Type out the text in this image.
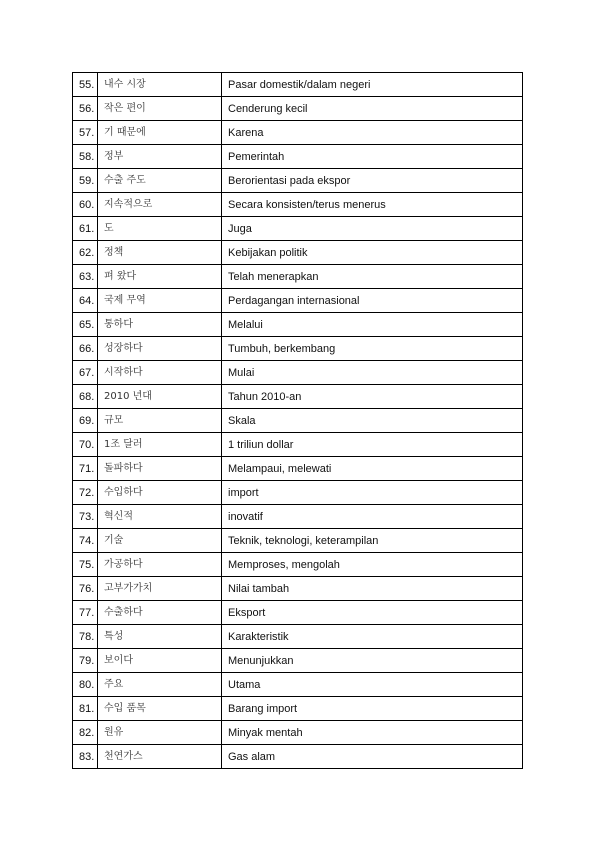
55.	내수 시장	Pasar domestik/dalam negeri
56.	작은 편이	Cenderung kecil
57.	기 때문에	Karena
58.	정부	Pemerintah
59.	수출 주도	Berorientasi pada ekspor
60.	지속적으로	Secara konsisten/terus menerus
61.	도	Juga
62.	정책	Kebijakan politik
63.	펴 왔다	Telah menerapkan
64.	국제 무역	Perdagangan internasional
65.	통하다	Melalui
66.	성장하다	Tumbuh, berkembang
67.	시작하다	Mulai
68.	2010 년대	Tahun 2010-an
69.	규모	Skala
70.	1조 달러	1 triliun dollar
71.	돌파하다	Melampaui, melewati
72.	수입하다	import
73.	혁신적	inovatif
74.	기술	Teknik, teknologi, keterampilan
75.	가공하다	Memproses, mengolah
76.	고부가가치	Nilai tambah
77.	수출하다	Eksport
78.	특성	Karakteristik
79.	보이다	Menunjukkan
80.	주요	Utama
81.	수입 품목	Barang import
82.	원유	Minyak mentah
83.	천연가스	Gas alam
